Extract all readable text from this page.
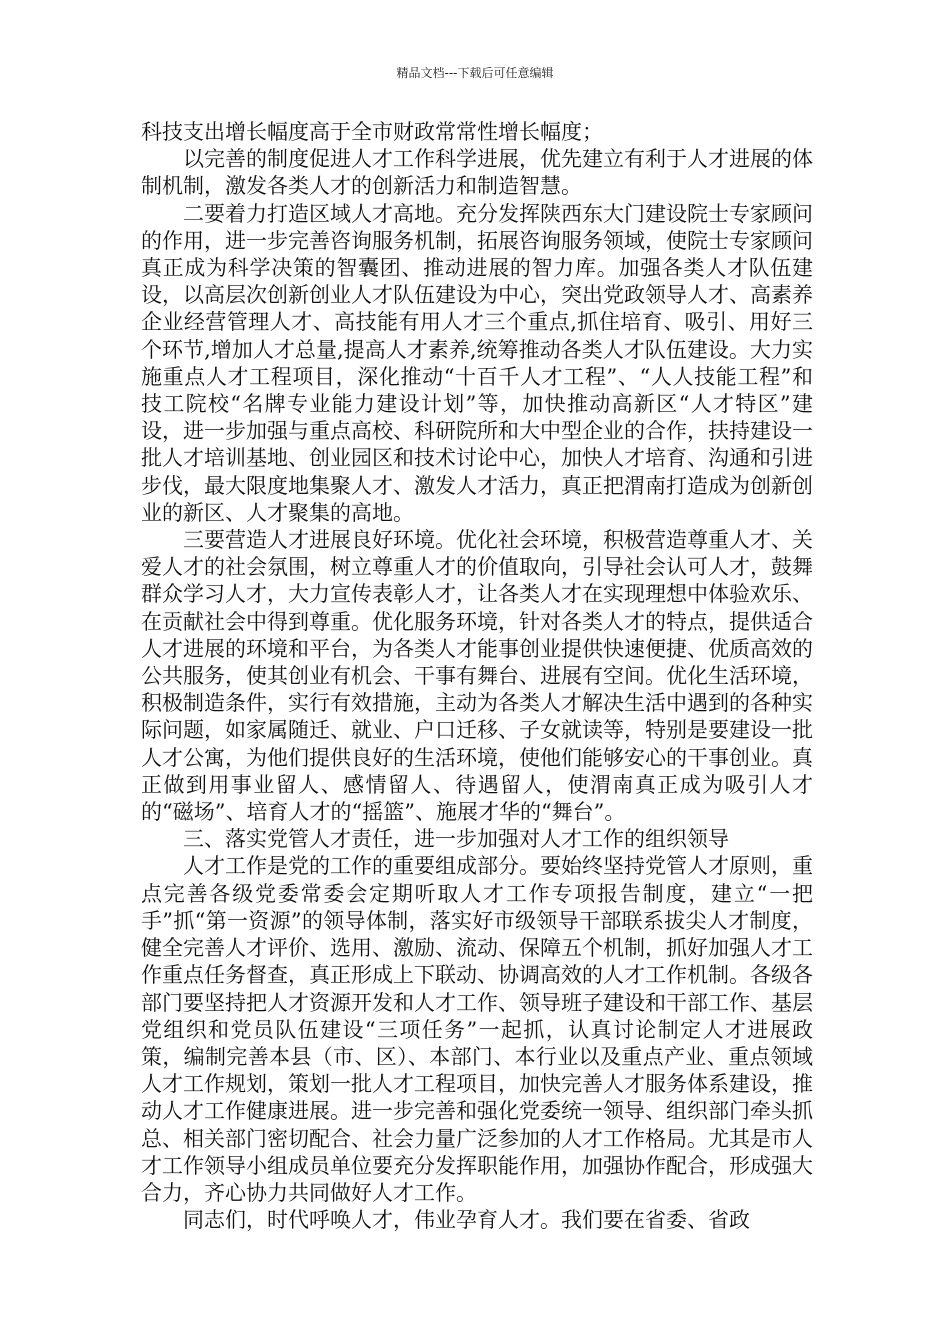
精品文档---下载后可任意编辑

科技支出增长幅度高于全市财政常常性增长幅度；

以完善的制度促进人才工作科学进展，优先建立有利于人才进展的体制机制，激发各类人才的创新活力和制造智慧。

二要着力打造区域人才高地。充分发挥陕西东大门建设院士专家顾问的作用，进一步完善咨询服务机制，拓展咨询服务领域，使院士专家顾问真正成为科学决策的智囊团、推动进展的智力库。加强各类人才队伍建设，以高层次创新创业人才队伍建设为中心，突出党政领导人才、高素养企业经营管理人才、高技能有用人才三个重点,抓住培育、吸引、用好三个环节,增加人才总量,提高人才素养,统筹推动各类人才队伍建设。大力实施重点人才工程项目，深化推动“十百千人才工程”、“人人技能工程”和技工院校“名牌专业能力建设计划”等，加快推动高新区“人才特区”建设，进一步加强与重点高校、科研院所和大中型企业的合作，扶持建设一批人才培训基地、创业园区和技术讨论中心，加快人才培育、沟通和引进步伐，最大限度地集聚人才、激发人才活力，真正把渭南打造成为创新创业的新区、人才聚集的高地。

三要营造人才进展良好环境。优化社会环境，积极营造尊重人才、关爱人才的社会氛围，树立尊重人才的价值取向，引导社会认可人才，鼓舞群众学习人才，大力宣传表彰人才，让各类人才在实现理想中体验欢乐、在贡献社会中得到尊重。优化服务环境，针对各类人才的特点，提供适合人才进展的环境和平台，为各类人才能事创业提供快速便捷、优质高效的公共服务，使其创业有机会、干事有舞台、进展有空间。优化生活环境，积极制造条件，实行有效措施，主动为各类人才解决生活中遇到的各种实际问题，如家属随迁、就业、户口迁移、子女就读等，特别是要建设一批人才公寓，为他们提供良好的生活环境，使他们能够安心的干事创业。真正做到用事业留人、感情留人、待遇留人，使渭南真正成为吸引人才的“磁场”、培育人才的“摇篮”、施展才华的“舞台”。

三、落实党管人才责任，进一步加强对人才工作的组织领导

人才工作是党的工作的重要组成部分。要始终坚持党管人才原则，重点完善各级党委常委会定期听取人才工作专项报告制度，建立“一把手”抓“第一资源”的领导体制，落实好市级领导干部联系拔尖人才制度，健全完善人才评价、选用、激励、流动、保障五个机制，抓好加强人才工作重点任务督查，真正形成上下联动、协调高效的人才工作机制。各级各部门要坚持把人才资源开发和人才工作、领导班子建设和干部工作、基层党组织和党员队伍建设“三项任务”一起抓，认真讨论制定人才进展政策，编制完善本县（市、区）、本部门、本行业以及重点产业、重点领域人才工作规划，策划一批人才工程项目，加快完善人才服务体系建设，推动人才工作健康进展。进一步完善和强化党委统一领导、组织部门牵头抓总、相关部门密切配合、社会力量广泛参加的人才工作格局。尤其是市人才工作领导小组成员单位要充分发挥职能作用，加强协作配合，形成强大合力，齐心协力共同做好人才工作。

同志们，时代呼唤人才，伟业孕育人才。我们要在省委、省政
